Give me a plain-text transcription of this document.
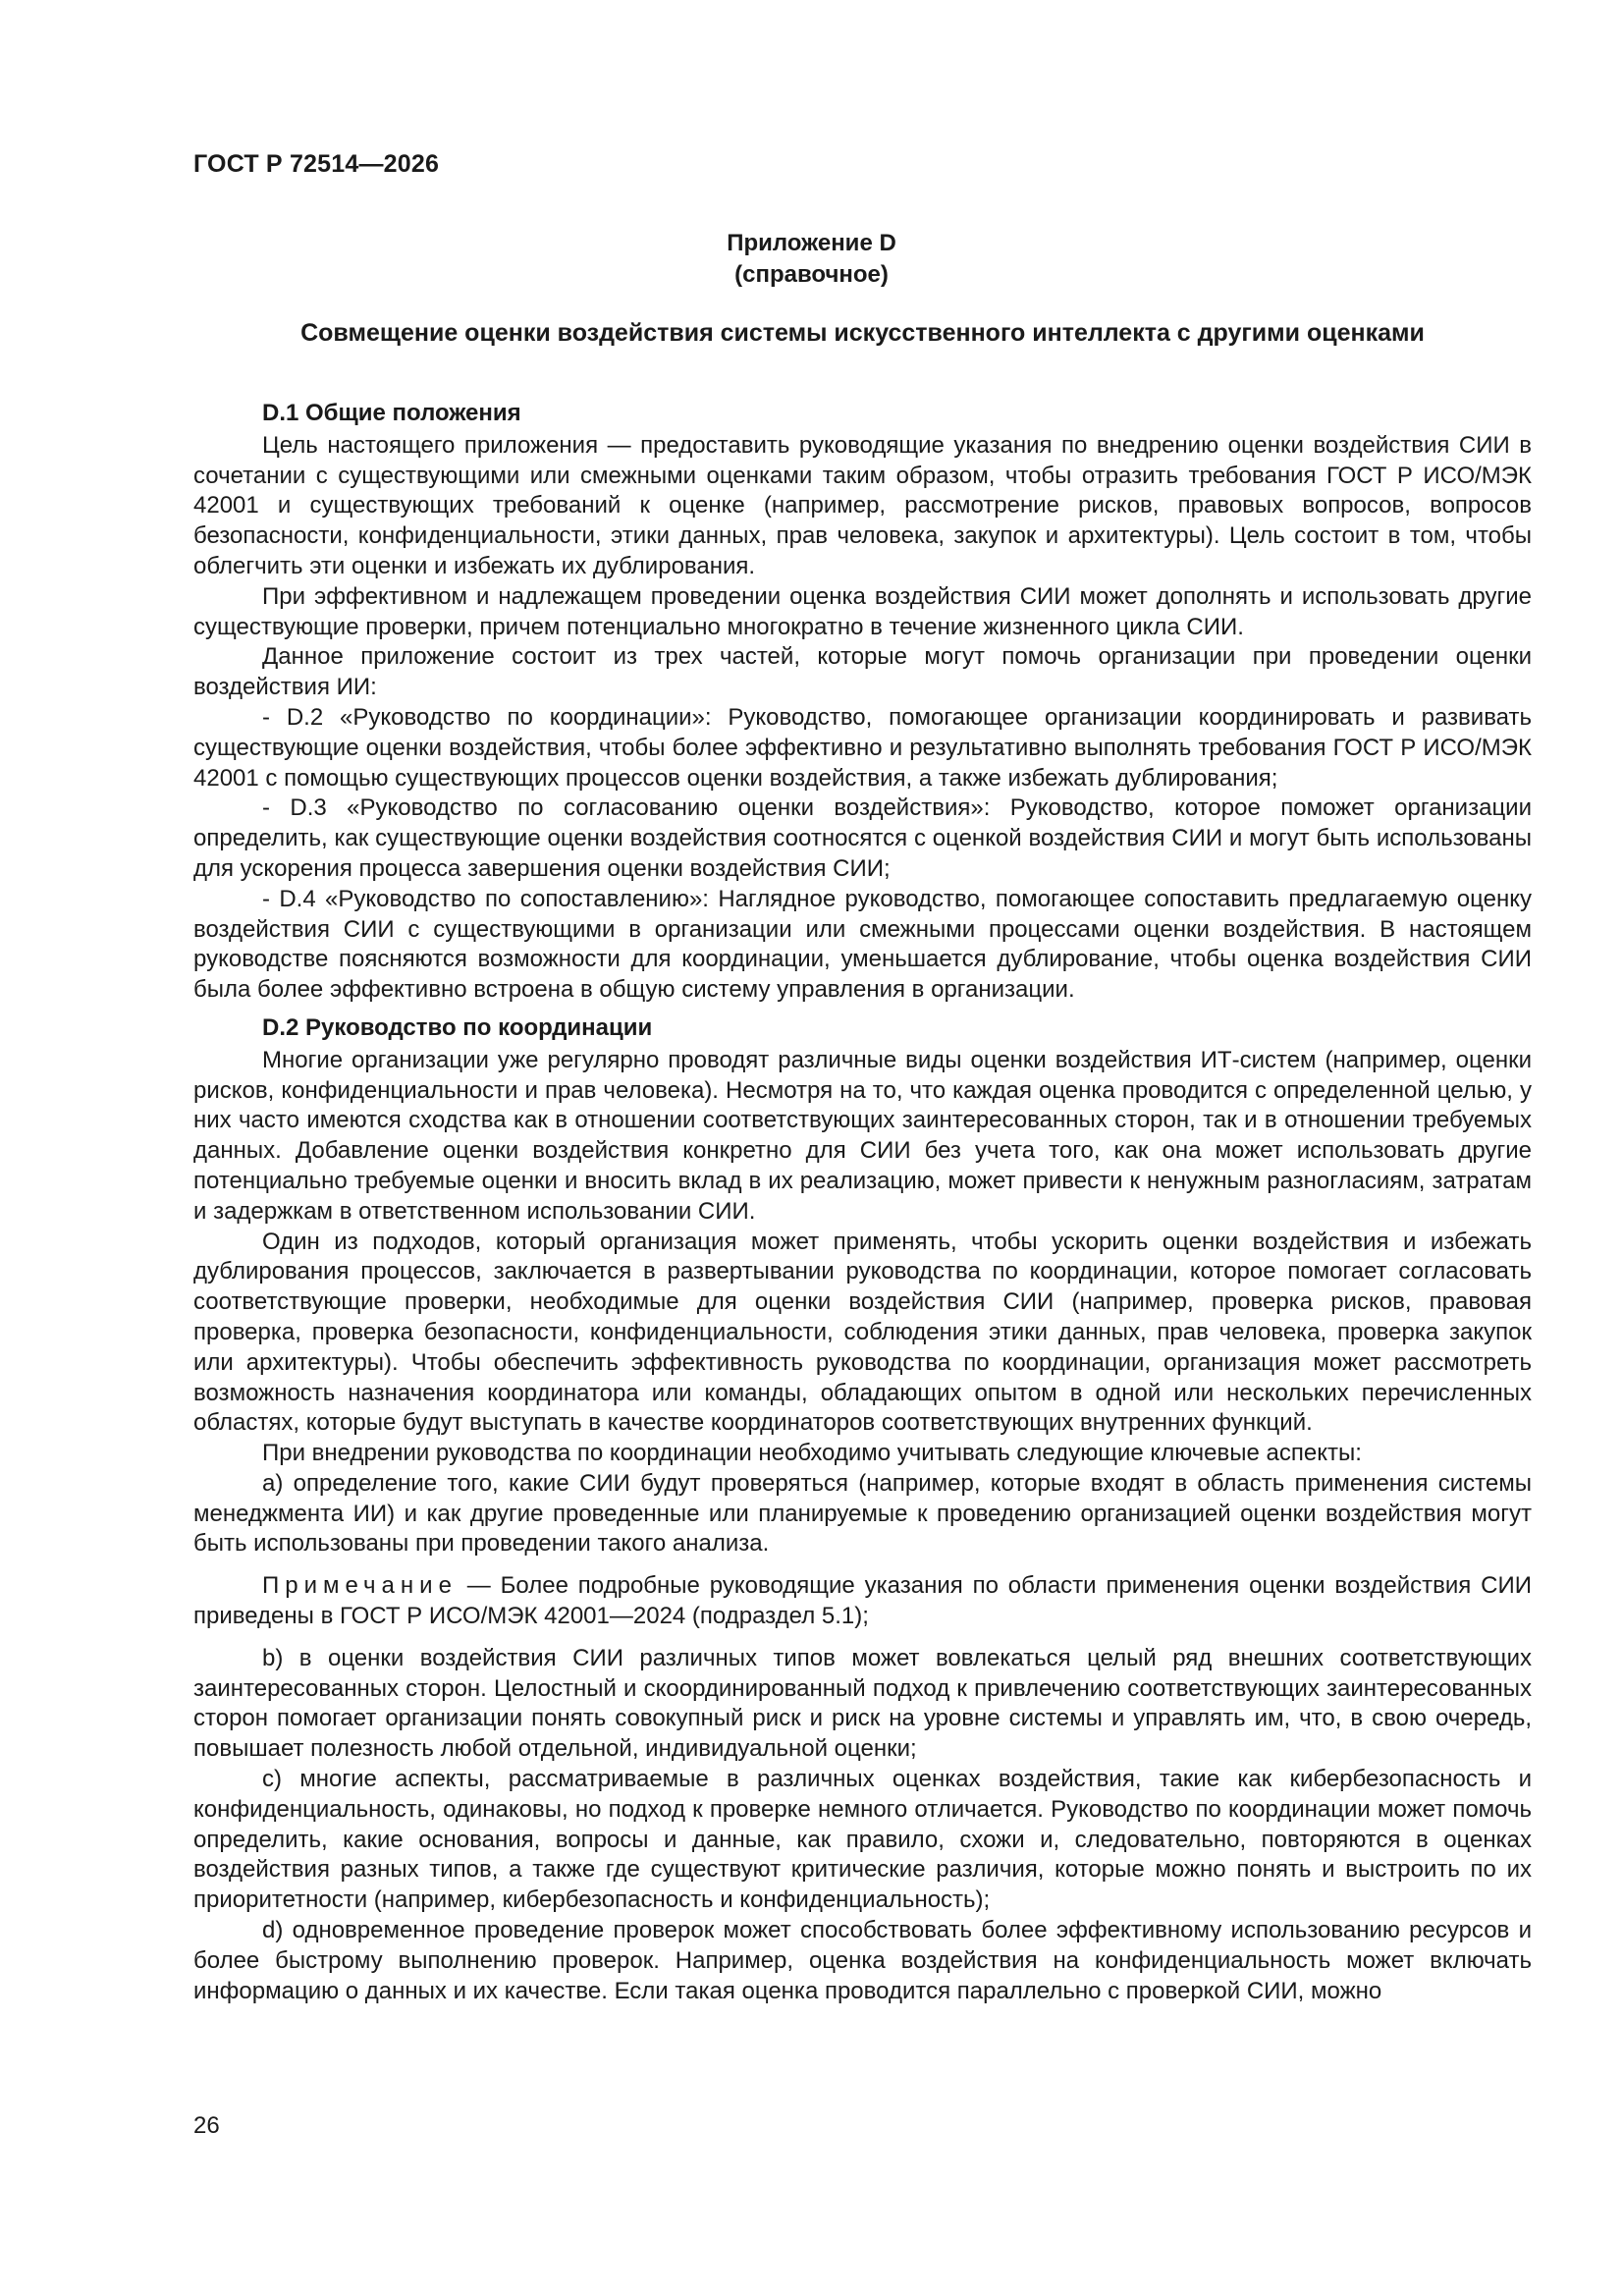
ГОСТ Р 72514—2026

Приложение D
(справочное)

Совмещение оценки воздействия системы искусственного интеллекта с другими оценками

D.1 Общие положения

Цель настоящего приложения — предоставить руководящие указания по внедрению оценки воздействия СИИ в сочетании с существующими или смежными оценками таким образом, чтобы отразить требования ГОСТ Р ИСО/МЭК 42001 и существующих требований к оценке (например, рассмотрение рисков, правовых вопросов, вопросов безопасности, конфиденциальности, этики данных, прав человека, закупок и архитектуры). Цель состоит в том, чтобы облегчить эти оценки и избежать их дублирования.

При эффективном и надлежащем проведении оценка воздействия СИИ может дополнять и использовать другие существующие проверки, причем потенциально многократно в течение жизненного цикла СИИ.

Данное приложение состоит из трех частей, которые могут помочь организации при проведении оценки воздействия ИИ:

- D.2 «Руководство по координации»: Руководство, помогающее организации координировать и развивать существующие оценки воздействия, чтобы более эффективно и результативно выполнять требования ГОСТ Р ИСО/МЭК 42001 с помощью существующих процессов оценки воздействия, а также избежать дублирования;

- D.3 «Руководство по согласованию оценки воздействия»: Руководство, которое поможет организации определить, как существующие оценки воздействия соотносятся с оценкой воздействия СИИ и могут быть использованы для ускорения процесса завершения оценки воздействия СИИ;

- D.4 «Руководство по сопоставлению»: Наглядное руководство, помогающее сопоставить предлагаемую оценку воздействия СИИ с существующими в организации или смежными процессами оценки воздействия. В настоящем руководстве поясняются возможности для координации, уменьшается дублирование, чтобы оценка воздействия СИИ была более эффективно встроена в общую систему управления в организации.

D.2 Руководство по координации

Многие организации уже регулярно проводят различные виды оценки воздействия ИТ-систем (например, оценки рисков, конфиденциальности и прав человека). Несмотря на то, что каждая оценка проводится с определенной целью, у них часто имеются сходства как в отношении соответствующих заинтересованных сторон, так и в отношении требуемых данных. Добавление оценки воздействия конкретно для СИИ без учета того, как она может использовать другие потенциально требуемые оценки и вносить вклад в их реализацию, может привести к ненужным разногласиям, затратам и задержкам в ответственном использовании СИИ.

Один из подходов, который организация может применять, чтобы ускорить оценки воздействия и избежать дублирования процессов, заключается в развертывании руководства по координации, которое помогает согласовать соответствующие проверки, необходимые для оценки воздействия СИИ (например, проверка рисков, правовая проверка, проверка безопасности, конфиденциальности, соблюдения этики данных, прав человека, проверка закупок или архитектуры). Чтобы обеспечить эффективность руководства по координации, организация может рассмотреть возможность назначения координатора или команды, обладающих опытом в одной или нескольких перечисленных областях, которые будут выступать в качестве координаторов соответствующих внутренних функций.

При внедрении руководства по координации необходимо учитывать следующие ключевые аспекты:

а) определение того, какие СИИ будут проверяться (например, которые входят в область применения системы менеджмента ИИ) и как другие проведенные или планируемые к проведению организацией оценки воздействия могут быть использованы при проведении такого анализа.

Примечание — Более подробные руководящие указания по области применения оценки воздействия СИИ приведены в ГОСТ Р ИСО/МЭК 42001—2024 (подраздел 5.1);

b) в оценки воздействия СИИ различных типов может вовлекаться целый ряд внешних соответствующих заинтересованных сторон. Целостный и скоординированный подход к привлечению соответствующих заинтересованных сторон помогает организации понять совокупный риск и риск на уровне системы и управлять им, что, в свою очередь, повышает полезность любой отдельной, индивидуальной оценки;

c) многие аспекты, рассматриваемые в различных оценках воздействия, такие как кибербезопасность и конфиденциальность, одинаковы, но подход к проверке немного отличается. Руководство по координации может помочь определить, какие основания, вопросы и данные, как правило, схожи и, следовательно, повторяются в оценках воздействия разных типов, а также где существуют критические различия, которые можно понять и выстроить по их приоритетности (например, кибербезопасность и конфиденциальность);

d) одновременное проведение проверок может способствовать более эффективному использованию ресурсов и более быстрому выполнению проверок. Например, оценка воздействия на конфиденциальность может включать информацию о данных и их качестве. Если такая оценка проводится параллельно с проверкой СИИ, можно

26
